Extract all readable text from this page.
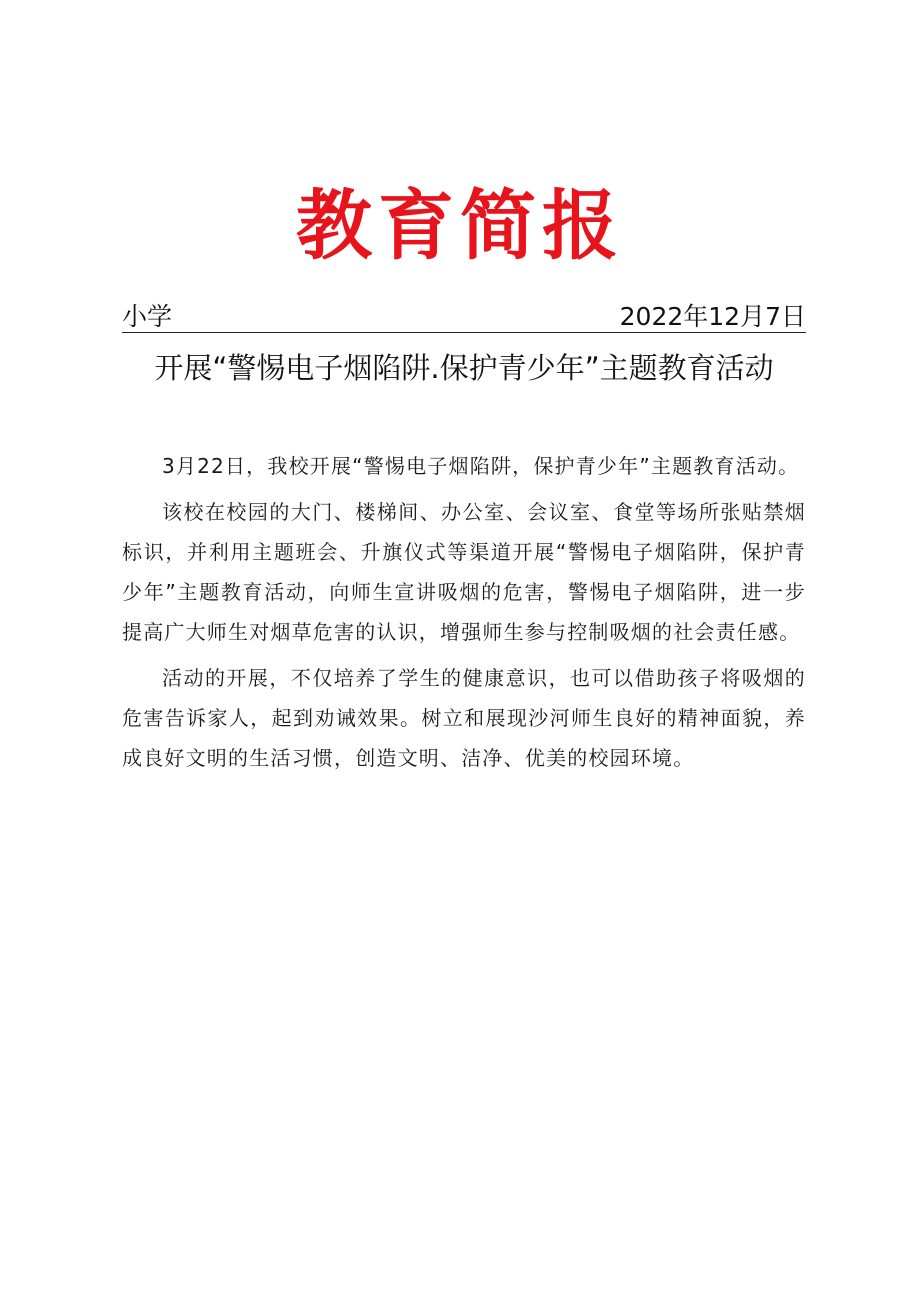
教育简报
小学	2022年12月7日
开展“警惕电子烟陷阱.保护青少年”主题教育活动

3月22日，我校开展“警惕电子烟陷阱，保护青少年”主题教育活动。

该校在校园的大门、楼梯间、办公室、会议室、食堂等场所张贴禁烟标识，并利用主题班会、升旗仪式等渠道开展“警惕电子烟陷阱，保护青少年”主题教育活动，向师生宣讲吸烟的危害，警惕电子烟陷阱，进一步提高广大师生对烟草危害的认识，增强师生参与控制吸烟的社会责任感。

活动的开展，不仅培养了学生的健康意识，也可以借助孩子将吸烟的危害告诉家人，起到劝诫效果。树立和展现沙河师生良好的精神面貌，养成良好文明的生活习惯，创造文明、洁净、优美的校园环境。
